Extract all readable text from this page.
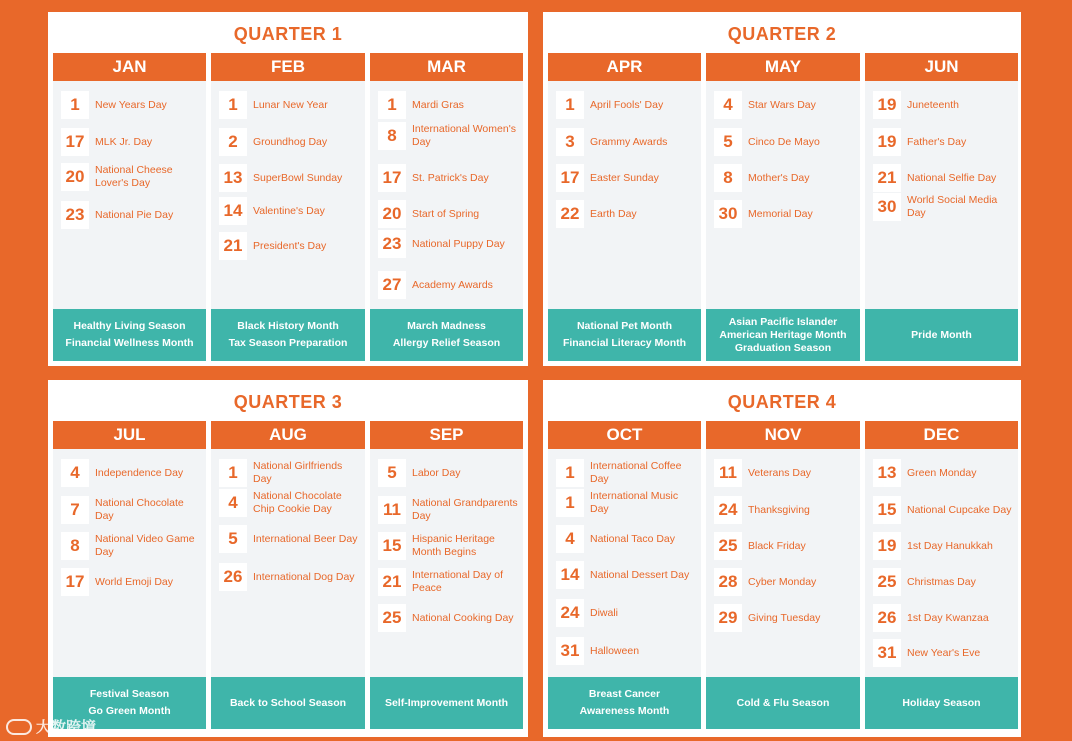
QUARTER 1
JAN
1	New Years Day
17	MLK Jr. Day
20	National Cheese Lover's Day
23	National Pie Day
Healthy Living Season
Financial Wellness Month
FEB
1	Lunar New Year
2	Groundhog Day
13	SuperBowl Sunday
14	Valentine's Day
21	President's Day
Black History Month
Tax Season Preparation
MAR
1	Mardi Gras
8	International Women's Day
17	St. Patrick's Day
20	Start of Spring
23	National Puppy Day
27	Academy Awards
March Madness
Allergy Relief Season
QUARTER 2
APR
1	April Fools' Day
3	Grammy Awards
17	Easter Sunday
22	Earth Day
National Pet Month
Financial Literacy Month
MAY
4	Star Wars Day
5	Cinco De Mayo
8	Mother's Day
30	Memorial Day
Asian Pacific Islander
American Heritage Month
Graduation Season
JUN
19	Juneteenth
19	Father's Day
21	National Selfie Day
30	World Social Media Day
Pride Month
QUARTER 3
JUL
4	Independence Day
7	National Chocolate Day
8	National Video Game Day
17	World Emoji Day
Festival Season
Go Green Month
AUG
1	National Girlfriends Day
4	National Chocolate Chip Cookie Day
5	International Beer Day
26	International Dog Day
Back to School Season
SEP
5	Labor Day
11	National Grandparents Day
15	Hispanic Heritage Month Begins
21	International Day of Peace
25	National Cooking Day
Self-Improvement Month
QUARTER 4
OCT
1	International Coffee Day
1	International Music Day
4	National Taco Day
14	National Dessert Day
24	Diwali
31	Halloween
Breast Cancer
Awareness Month
NOV
11	Veterans Day
24	Thanksgiving
25	Black Friday
28	Cyber Monday
29	Giving Tuesday
Cold & Flu Season
DEC
13	Green Monday
15	National Cupcake Day
19	1st Day Hanukkah
25	Christmas Day
26	1st Day Kwanzaa
31	New Year's Eve
Holiday Season
大数跨境
